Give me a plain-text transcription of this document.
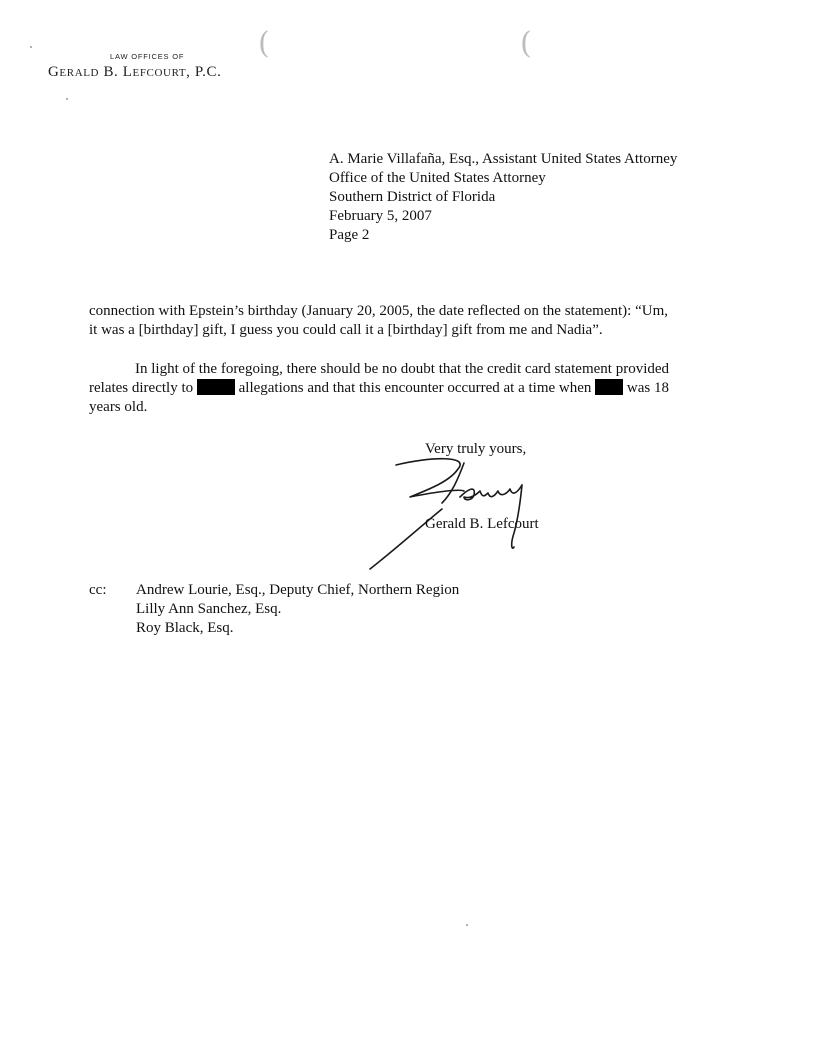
LAW OFFICES OF
Gerald B. Lefcourt, P.C.
(	(
A. Marie Villafaña, Esq., Assistant United States Attorney
Office of the United States Attorney
Southern District of Florida
February 5, 2007
Page 2
connection with Epstein’s birthday (January 20, 2005, the date reflected on the statement): “Um,
it was a [birthday] gift, I guess you could call it a [birthday] gift from me and Nadia”.
In light of the foregoing, there should be no doubt that the credit card statement provided
relates directly to	allegations and that this encounter occurred at a time when was 18
years old.
Very truly yours,
Gerald B. Lefcourt
cc: Andrew Lourie, Esq., Deputy Chief, Northern Region
Lilly Ann Sanchez, Esq.
Roy Black, Esq.
